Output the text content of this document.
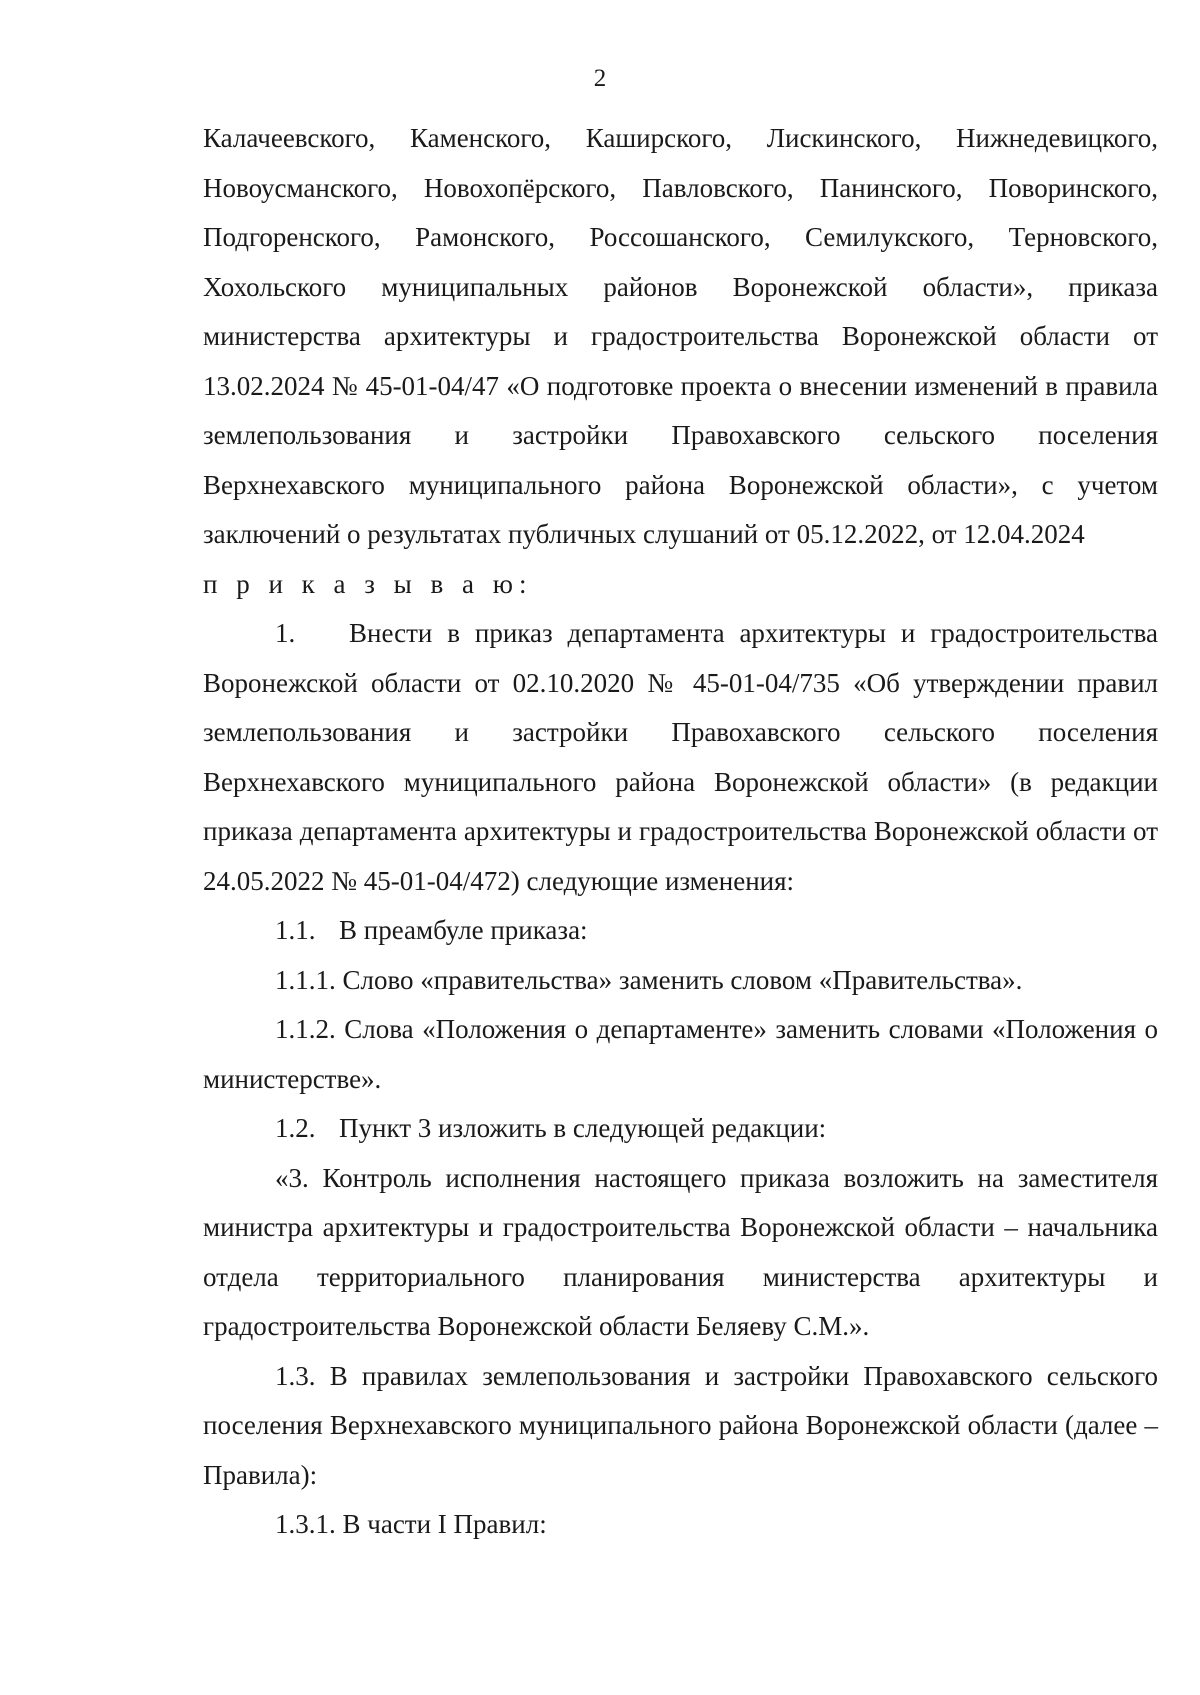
2

Калачеевского, Каменского, Каширского, Лискинского, Нижнедевицкого, Новоусманского, Новохопёрского, Павловского, Панинского, Поворинского, Подгоренского, Рамонского, Россошанского, Семилукского, Терновского, Хохольского муниципальных районов Воронежской области», приказа министерства архитектуры и градостроительства Воронежской области от 13.02.2024 № 45-01-04/47 «О подготовке проекта о внесении изменений в правила землепользования и застройки Правохавского сельского поселения Верхнехавского муниципального района Воронежской области», с учетом заключений о результатах публичных слушаний от 05.12.2022, от 12.04.2024

п р и к а з ы в а ю:

1. Внести в приказ департамента архитектуры и градостроительства Воронежской области от 02.10.2020 № 45-01-04/735 «Об утверждении правил землепользования и застройки Правохавского сельского поселения Верхнехавского муниципального района Воронежской области» (в редакции приказа департамента архитектуры и градостроительства Воронежской области от 24.05.2022 № 45-01-04/472) следующие изменения:

1.1. В преамбуле приказа:

1.1.1. Слово «правительства» заменить словом «Правительства».

1.1.2. Слова «Положения о департаменте» заменить словами «Положения о министерстве».

1.2. Пункт 3 изложить в следующей редакции:

«3. Контроль исполнения настоящего приказа возложить на заместителя министра архитектуры и градостроительства Воронежской области – начальника отдела территориального планирования министерства архитектуры и градостроительства Воронежской области Беляеву С.М.».

1.3. В правилах землепользования и застройки Правохавского сельского поселения Верхнехавского муниципального района Воронежской области (далее – Правила):

1.3.1. В части I Правил:
